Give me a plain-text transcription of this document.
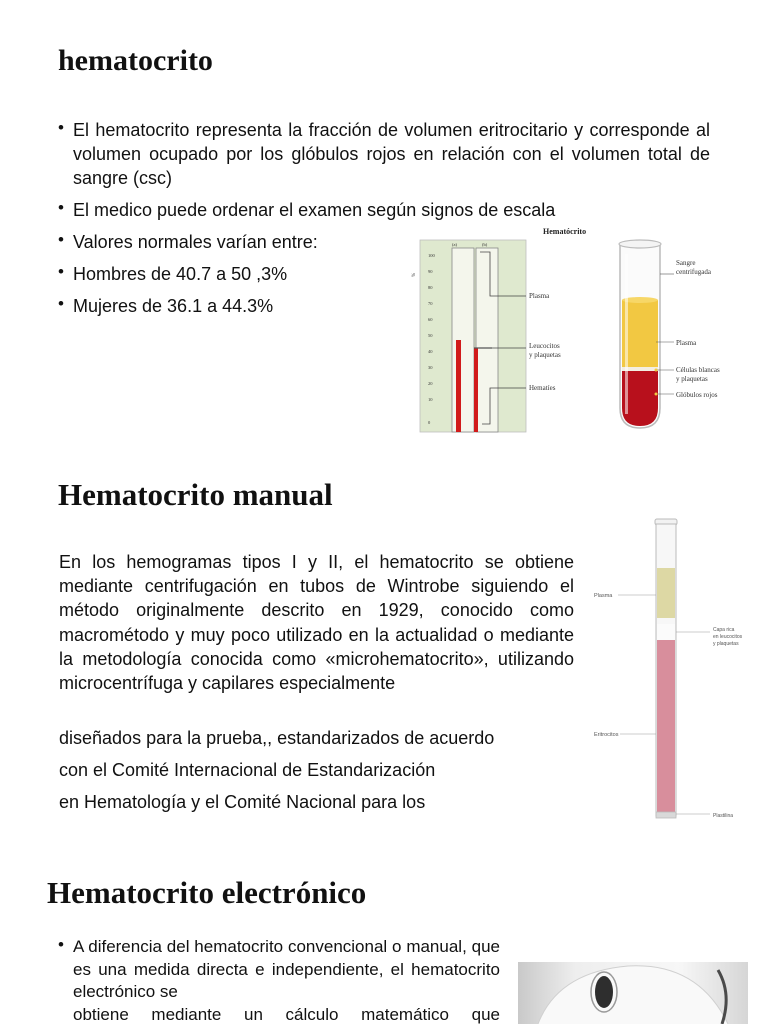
hematocrito
• El hematocrito representa la fracción de volumen eritrocitario y corresponde al volumen ocupado por los glóbulos rojos en relación con el volumen total de sangre (csc)
• El medico puede ordenar el examen según signos de escala
• Valores normales varían entre:
• Hombres de 40.7 a 50 ,3%
• Mujeres de 36.1 a 44.3%
Hematócrito
%
100
90
80
70
60
50
40
30
20
10
0
(a)	(b)
Plasma
Leucocitos
y plaquetas
Hematíes
Sangre
centrifugada
Plasma
Células blancas
y plaquetas
Glóbulos rojos
Hematocrito manual

En los hemogramas tipos I y II, el hematocrito se obtiene mediante centrifugación en tubos de Wintrobe siguiendo el método originalmente descrito en 1929, conocido como macrométodo y muy poco utilizado en la actualidad o mediante la metodología conocida como «microhematocrito», utilizando microcentrífuga y capilares especialmente

diseñados para la prueba,, estandarizados de acuerdo

con el Comité Internacional de Estandarización

en Hematología y el Comité Nacional para los

Plasma
Capa rica
en leucocitos
y plaquetas
Eritrocitos
Plastilina
Hematocrito electrónico
• A diferencia del hematocrito convencional o manual, que es una medida directa e independiente, el hematocrito electrónico se
obtiene mediante un cálculo matemático que
